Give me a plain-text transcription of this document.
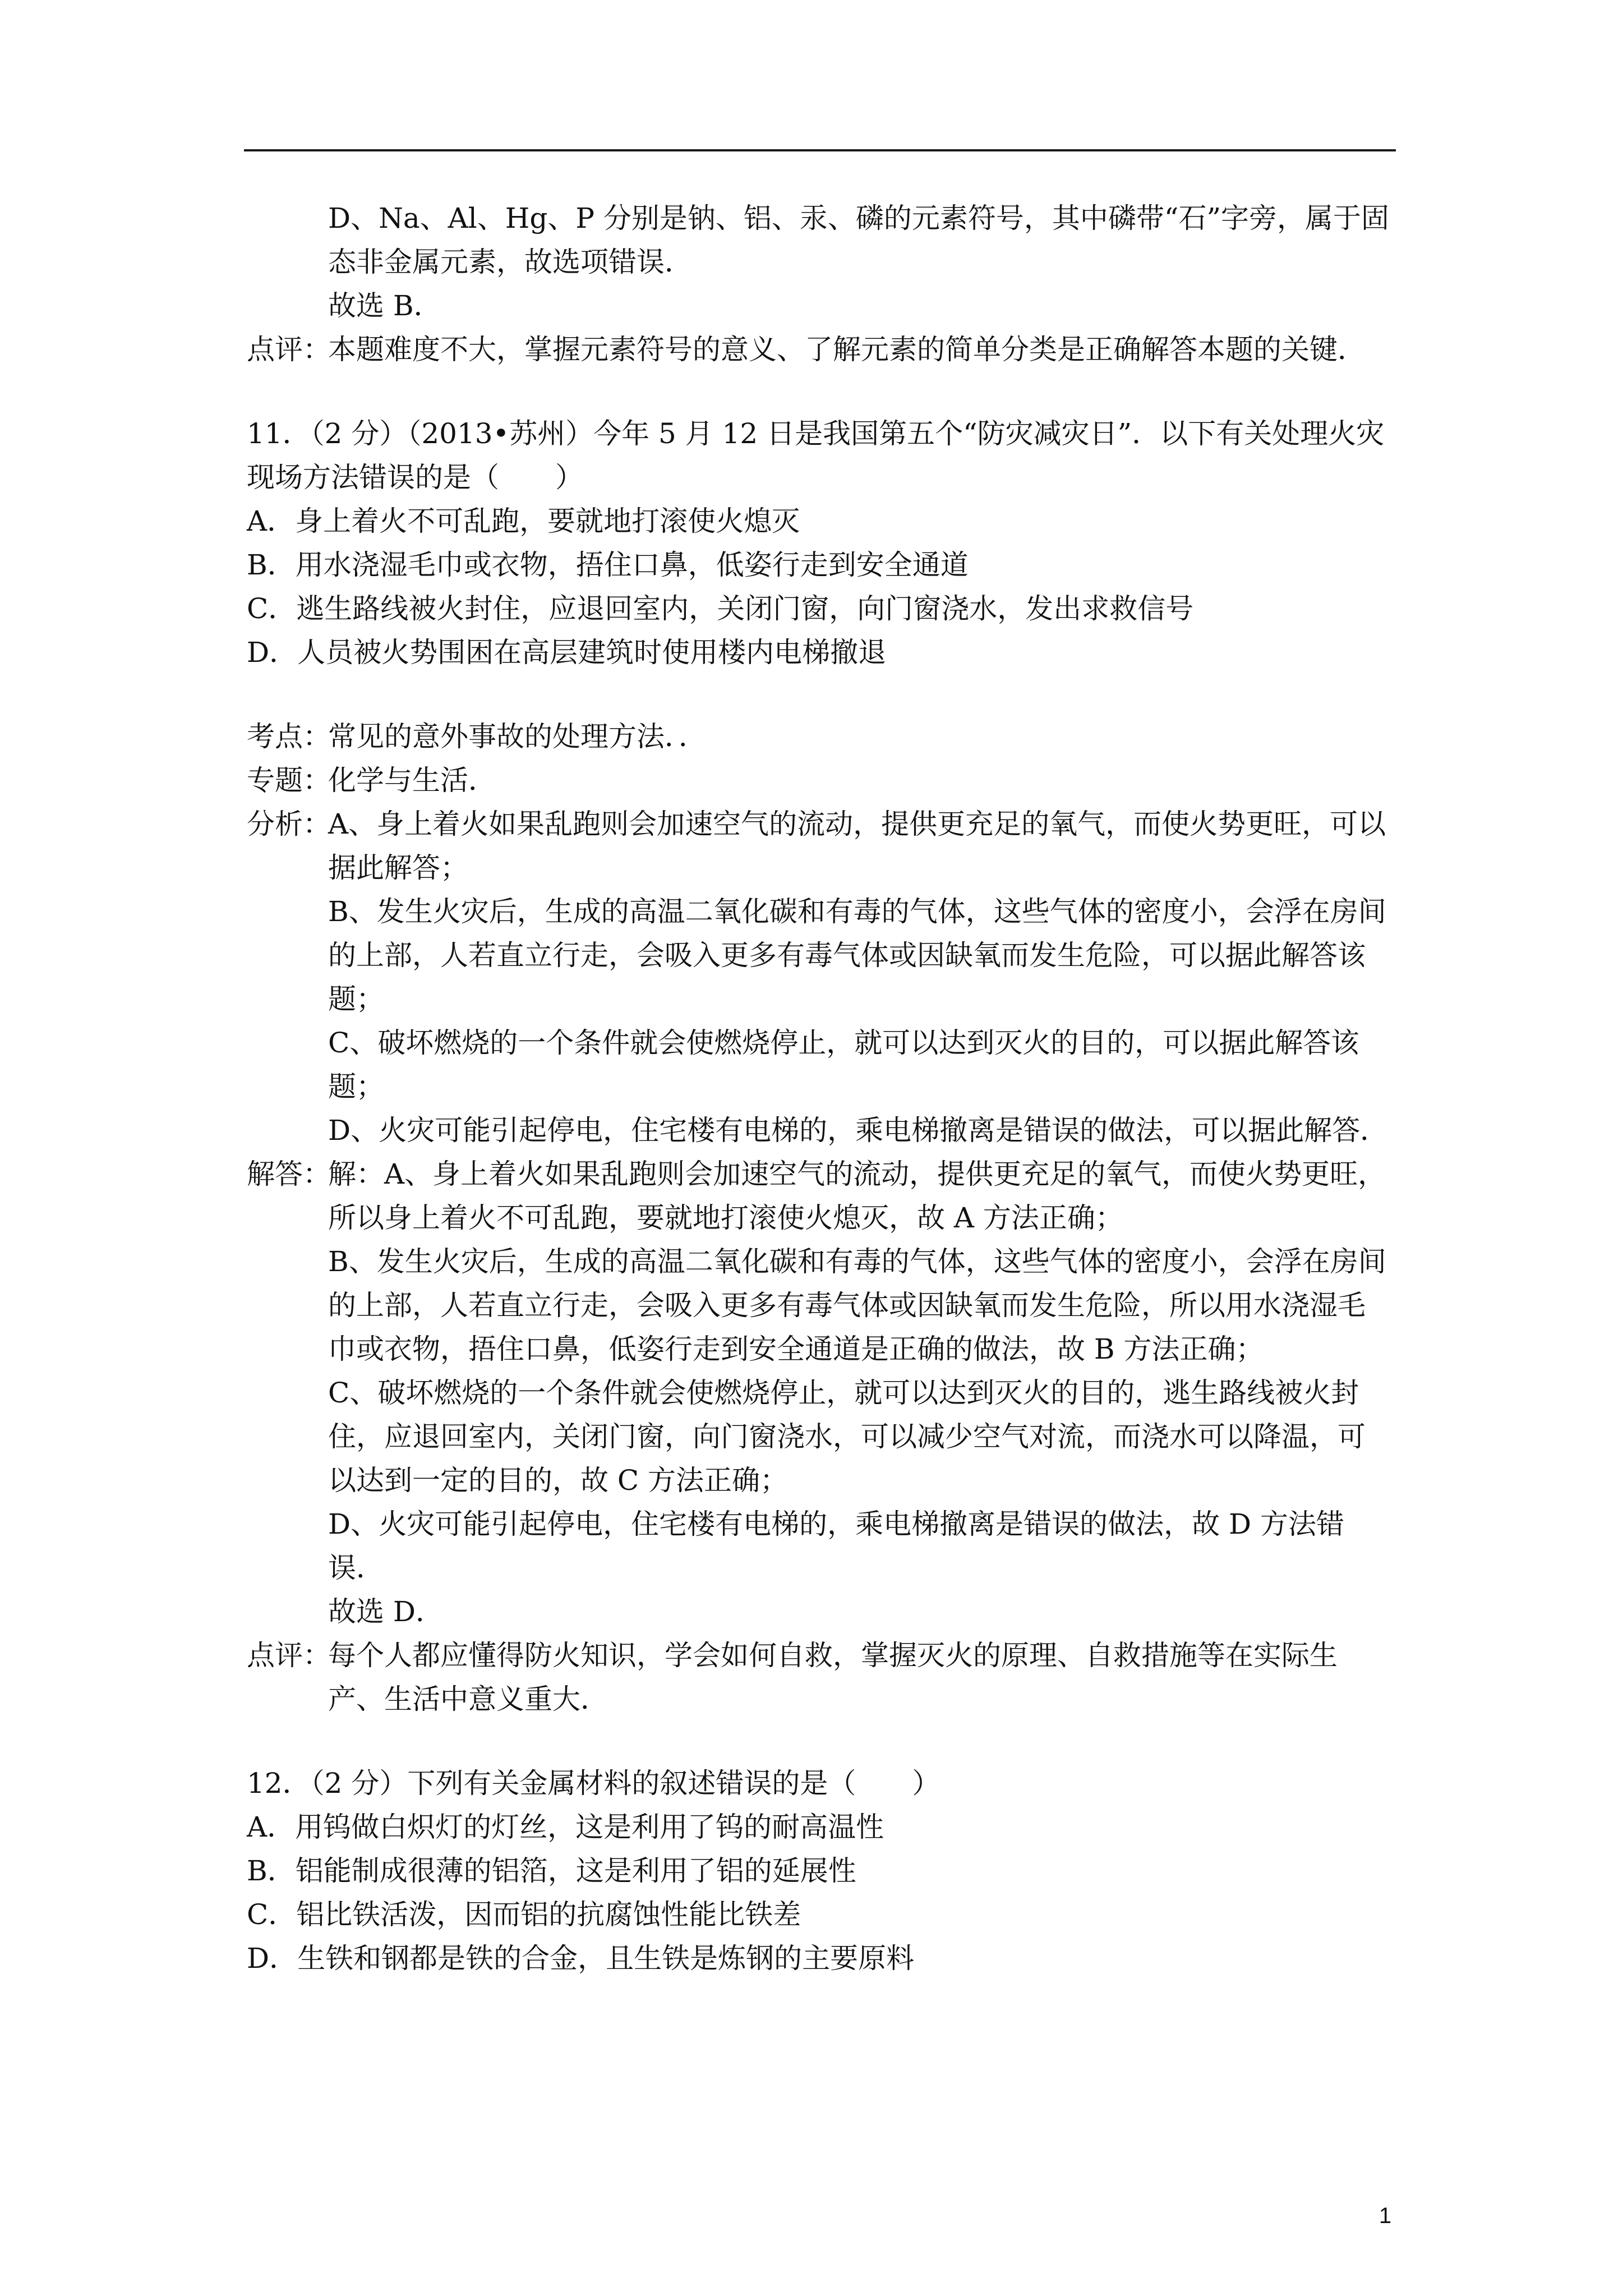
D、Na、Al、Hg、P 分别是钠、铝、汞、磷的元素符号，其中磷带“石”字旁，属于固态非金属元素，故选项错误．

故选 B．

点评：

本题难度不大，掌握元素符号的意义、了解元素的简单分类是正确解答本题的关键．

11．（2 分）（2013•苏州）今年 5 月 12 日是我国第五个“防灾减灾日”．以下有关处理火灾现场方法错误的是（　　）

A．身上着火不可乱跑，要就地打滚使火熄灭

B．用水浇湿毛巾或衣物，捂住口鼻，低姿行走到安全通道

C．逃生路线被火封住，应退回室内，关闭门窗，向门窗浇水，发出求救信号

D．人员被火势围困在高层建筑时使用楼内电梯撤退

考点：

常见的意外事故的处理方法．．

专题：

化学与生活．

分析：

A、身上着火如果乱跑则会加速空气的流动，提供更充足的氧气，而使火势更旺，可以据此解答；

B、发生火灾后，生成的高温二氧化碳和有毒的气体，这些气体的密度小，会浮在房间的上部，人若直立行走，会吸入更多有毒气体或因缺氧而发生危险，可以据此解答该题；

C、破坏燃烧的一个条件就会使燃烧停止，就可以达到灭火的目的，可以据此解答该题；

D、火灾可能引起停电，住宅楼有电梯的，乘电梯撤离是错误的做法，可以据此解答．

解答：

解：A、身上着火如果乱跑则会加速空气的流动，提供更充足的氧气，而使火势更旺，所以身上着火不可乱跑，要就地打滚使火熄灭，故 A 方法正确；

B、发生火灾后，生成的高温二氧化碳和有毒的气体，这些气体的密度小，会浮在房间的上部，人若直立行走，会吸入更多有毒气体或因缺氧而发生危险，所以用水浇湿毛巾或衣物，捂住口鼻，低姿行走到安全通道是正确的做法，故 B 方法正确；

C、破坏燃烧的一个条件就会使燃烧停止，就可以达到灭火的目的，逃生路线被火封住，应退回室内，关闭门窗，向门窗浇水，可以减少空气对流，而浇水可以降温，可以达到一定的目的，故 C 方法正确；

D、火灾可能引起停电，住宅楼有电梯的，乘电梯撤离是错误的做法，故 D 方法错误．

故选 D．

点评：

每个人都应懂得防火知识，学会如何自救，掌握灭火的原理、自救措施等在实际生产、生活中意义重大．

12．（2 分）下列有关金属材料的叙述错误的是（　　）

A．用钨做白炽灯的灯丝，这是利用了钨的耐高温性

B．铝能制成很薄的铝箔，这是利用了铝的延展性

C．铝比铁活泼，因而铝的抗腐蚀性能比铁差

D．生铁和钢都是铁的合金，且生铁是炼钢的主要原料

1
